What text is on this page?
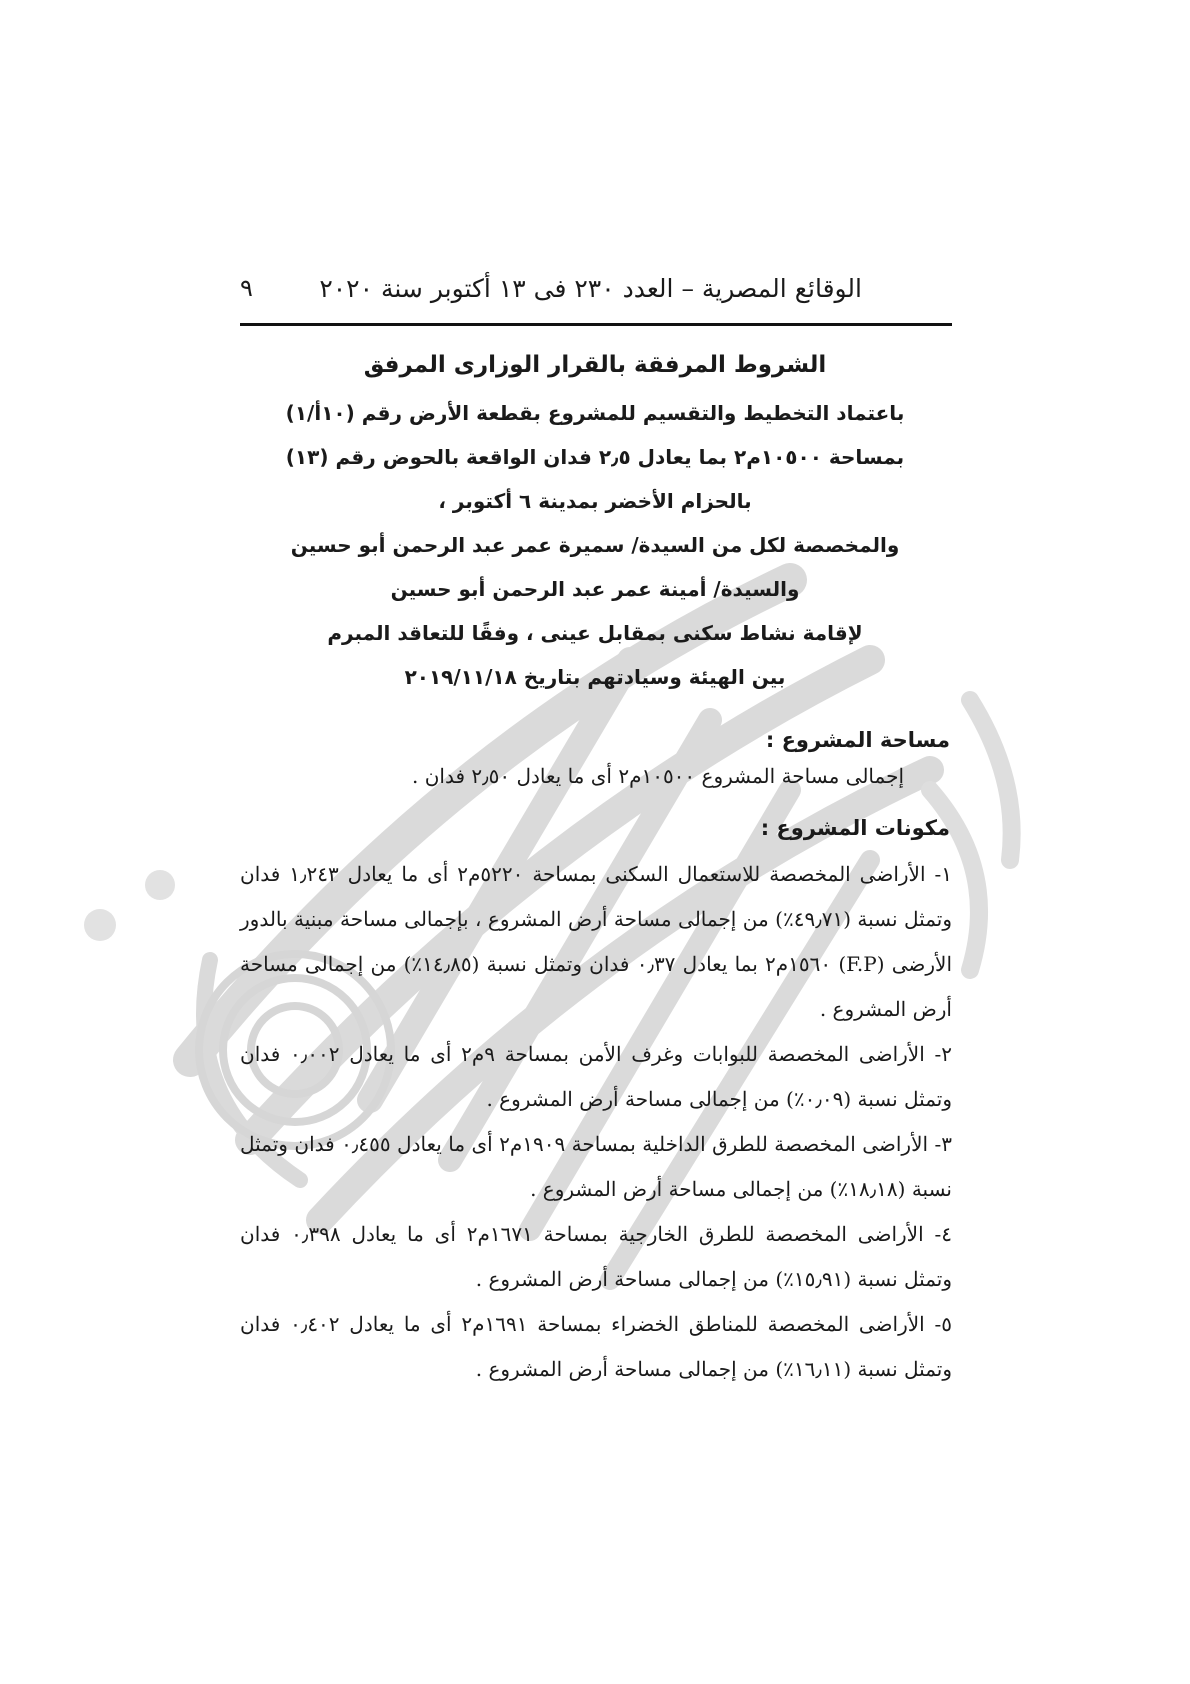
الوقائع المصرية – العدد ٢٣٠ فى ١٣ أكتوبر سنة ٢٠٢٠
٩
الشروط المرفقة بالقرار الوزارى المرفق
باعتماد التخطيط والتقسيم للمشروع بقطعة الأرض رقم (١٠أ/١)
بمساحة ١٠٥٠٠م٢ بما يعادل ٢٫٥ فدان الواقعة بالحوض رقم (١٣)
بالحزام الأخضر بمدينة ٦ أكتوبر ،
والمخصصة لكل من السيدة/ سميرة عمر عبد الرحمن أبو حسين
والسيدة/ أمينة عمر عبد الرحمن أبو حسين
لإقامة نشاط سكنى بمقابل عينى ، وفقًا للتعاقد المبرم
بين الهيئة وسيادتهم بتاريخ ٢٠١٩/١١/١٨
مساحة المشروع :
إجمالى مساحة المشروع ١٠٥٠٠م٢ أى ما يعادل ٢٫٥٠ فدان .
مكونات المشروع :

١- الأراضى المخصصة للاستعمال السكنى بمساحة ٥٢٢٠م٢ أى ما يعادل ١٫٢٤٣ فدان وتمثل نسبة (٤٩٫٧١٪) من إجمالى مساحة أرض المشروع ، بإجمالى مساحة مبنية بالدور الأرضى (F.P) ١٥٦٠م٢ بما يعادل ٠٫٣٧ فدان وتمثل نسبة (١٤٫٨٥٪) من إجمالى مساحة أرض المشروع .

٢- الأراضى المخصصة للبوابات وغرف الأمن بمساحة ٩م٢ أى ما يعادل ٠٫٠٠٢ فدان وتمثل نسبة (٠٫٠٩٪) من إجمالى مساحة أرض المشروع .

٣- الأراضى المخصصة للطرق الداخلية بمساحة ١٩٠٩م٢ أى ما يعادل ٠٫٤٥٥ فدان وتمثل نسبة (١٨٫١٨٪) من إجمالى مساحة أرض المشروع .

٤- الأراضى المخصصة للطرق الخارجية بمساحة ١٦٧١م٢ أى ما يعادل ٠٫٣٩٨ فدان وتمثل نسبة (١٥٫٩١٪) من إجمالى مساحة أرض المشروع .

٥- الأراضى المخصصة للمناطق الخضراء بمساحة ١٦٩١م٢ أى ما يعادل ٠٫٤٠٢ فدان وتمثل نسبة (١٦٫١١٪) من إجمالى مساحة أرض المشروع .
